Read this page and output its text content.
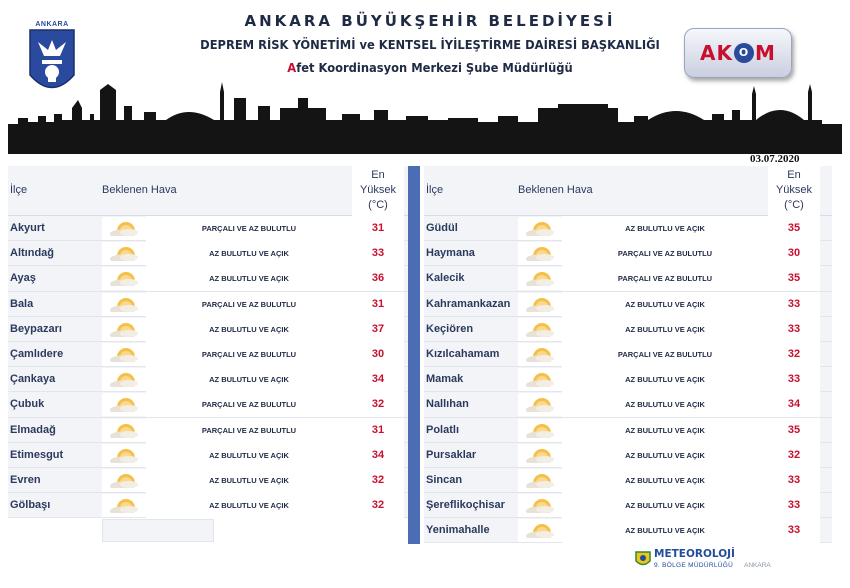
ANKARA	ANKARA BÜYÜKŞEHİR BELEDİYESİ
DEPREM RİSK YÖNETİMİ ve KENTSEL İYİLEŞTİRME DAİRESİ BAŞKANLIĞI
Afet Koordinasyon Merkezi Şube Müdürlüğü
AK O M
03.07.2020
İlçe	Beklenen Hava
En Yüksek (°C)
Akyurt	PARÇALI VE AZ BULUTLU	31
Altındağ	AZ BULUTLU VE AÇIK	33
Ayaş	AZ BULUTLU VE AÇIK	36
Bala	PARÇALI VE AZ BULUTLU	31
Beypazarı	AZ BULUTLU VE AÇIK	37
Çamlıdere	PARÇALI VE AZ BULUTLU	30
Çankaya	AZ BULUTLU VE AÇIK	34
Çubuk	PARÇALI VE AZ BULUTLU	32
Elmadağ	PARÇALI VE AZ BULUTLU	31
Etimesgut	AZ BULUTLU VE AÇIK	34
Evren	AZ BULUTLU VE AÇIK	32
Gölbaşı	AZ BULUTLU VE AÇIK	32
İlçe	Beklenen Hava
En Yüksek (°C)
Güdül	AZ BULUTLU VE AÇIK	35
Haymana	PARÇALI VE AZ BULUTLU	30
Kalecik	PARÇALI VE AZ BULUTLU	35
Kahramankazan	AZ BULUTLU VE AÇIK	33
Keçiören	AZ BULUTLU VE AÇIK	33
Kızılcahamam	PARÇALI VE AZ BULUTLU	32
Mamak	AZ BULUTLU VE AÇIK	33
Nallıhan	AZ BULUTLU VE AÇIK	34
Polatlı	AZ BULUTLU VE AÇIK	35
Pursaklar	AZ BULUTLU VE AÇIK	32
Sincan	AZ BULUTLU VE AÇIK	33
Şereflikoçhisar	AZ BULUTLU VE AÇIK	33
Yenimahalle	AZ BULUTLU VE AÇIK	33
METEOROLOJİ
9. BÖLGE MÜDÜRLÜĞÜ ANKARA
